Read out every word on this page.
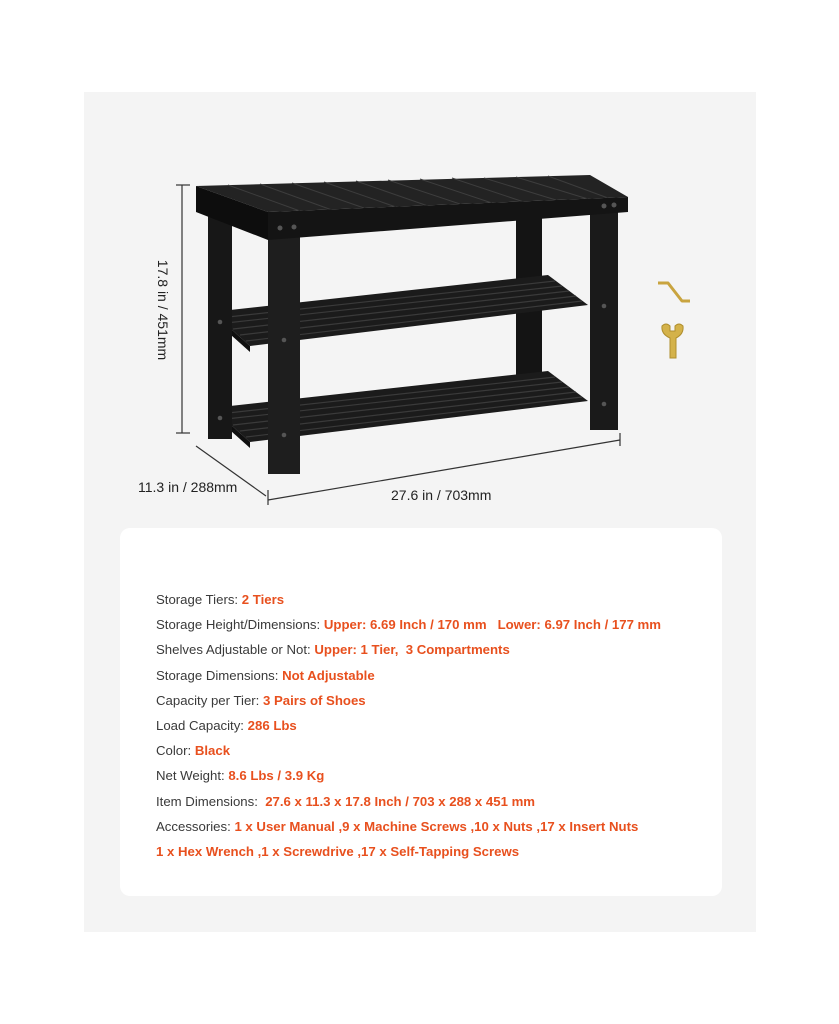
17.8 in / 451mm
11.3 in / 288mm	27.6 in / 703mm
Storage Tiers: 2 Tiers
Storage Height/Dimensions: Upper: 6.69 Inch / 170 mm   Lower: 6.97 Inch / 177 mm
Shelves Adjustable or Not: Upper: 1 Tier,  3 Compartments
Storage Dimensions: Not Adjustable
Capacity per Tier: 3 Pairs of Shoes
Load Capacity: 286 Lbs
Color: Black
Net Weight: 8.6 Lbs / 3.9 Kg
Item Dimensions:  27.6 x 11.3 x 17.8 Inch / 703 x 288 x 451 mm
Accessories: 1 x User Manual ,9 x Machine Screws ,10 x Nuts ,17 x Insert Nuts
1 x Hex Wrench ,1 x Screwdrive ,17 x Self-Tapping Screws
